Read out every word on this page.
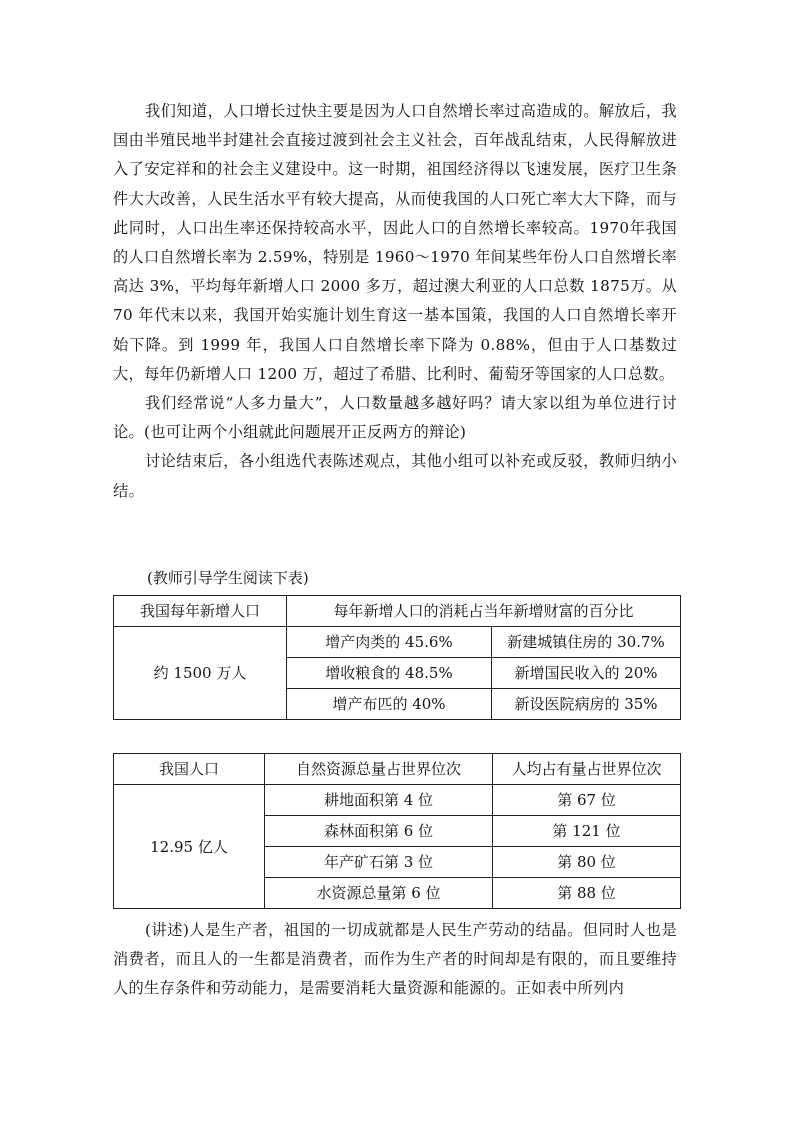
我们知道，人口增长过快主要是因为人口自然增长率过高造成的。解放后，我国由半殖民地半封建社会直接过渡到社会主义社会，百年战乱结束，人民得解放进入了安定祥和的社会主义建设中。这一时期，祖国经济得以飞速发展，医疗卫生条件大大改善，人民生活水平有较大提高，从而使我国的人口死亡率大大下降，而与此同时，人口出生率还保持较高水平，因此人口的自然增长率较高。1970年我国的人口自然增长率为 2.59%，特别是 1960～1970 年间某些年份人口自然增长率高达 3%，平均每年新增人口 2000 多万，超过澳大利亚的人口总数 1875万。从 70 年代末以来，我国开始实施计划生育这一基本国策，我国的人口自然增长率开始下降。到 1999 年，我国人口自然增长率下降为 0.88%，但由于人口基数过大，每年仍新增人口 1200 万，超过了希腊、比利时、葡萄牙等国家的人口总数。

我们经常说“人多力量大”，人口数量越多越好吗？请大家以组为单位进行讨论。(也可让两个小组就此问题展开正反两方的辩论)

讨论结束后，各小组选代表陈述观点，其他小组可以补充或反驳，教师归纳小结。

(教师引导学生阅读下表)
我国每年新增人口	每年新增人口的消耗占当年新增财富的百分比	
约 1500 万人	增产肉类的 45.6%	新建城镇住房的 30.7%
	增收粮食的 48.5%	新增国民收入的 20%
	增产布匹的 40%	新设医院病房的 35%
我国人口	自然资源总量占世界位次	人均占有量占世界位次
12.95 亿人	耕地面积第 4 位	第 67 位
	森林面积第 6 位	第 121 位
	年产矿石第 3 位	第 80 位
	水资源总量第 6 位	第 88 位

(讲述)人是生产者，祖国的一切成就都是人民生产劳动的结晶。但同时人也是消费者，而且人的一生都是消费者，而作为生产者的时间却是有限的，而且要维持人的生存条件和劳动能力，是需要消耗大量资源和能源的。正如表中所列内
